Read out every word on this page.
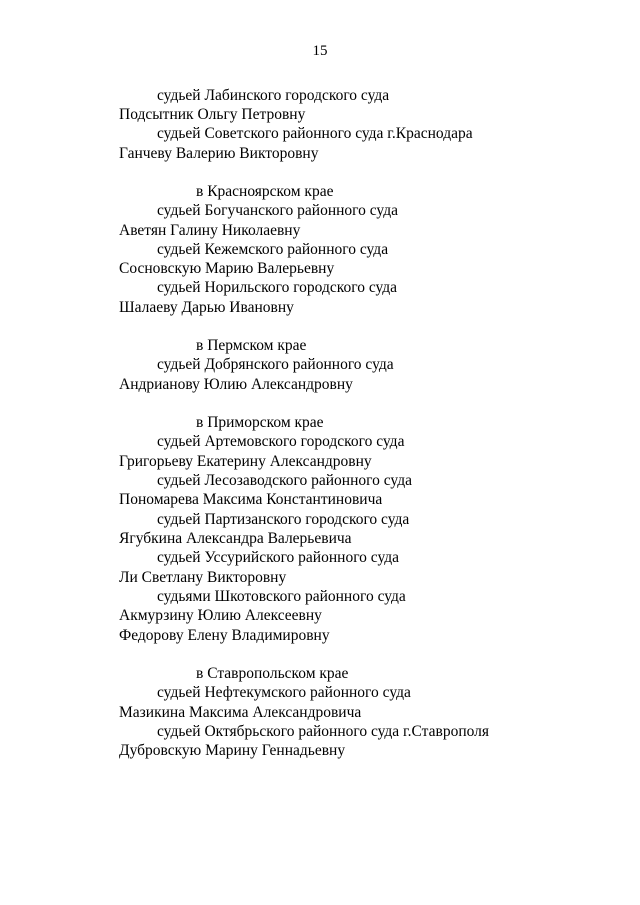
15
судьей Лабинского городского суда
Подсытник Ольгу Петровну
судьей Советского районного суда г.Краснодара
Ганчеву Валерию Викторовну
в Красноярском крае
судьей Богучанского районного суда
Аветян Галину Николаевну
судьей Кежемского районного суда
Сосновскую Марию Валерьевну
судьей Норильского городского суда
Шалаеву Дарью Ивановну
в Пермском крае
судьей Добрянского районного суда
Андрианову Юлию Александровну
в Приморском крае
судьей Артемовского городского суда
Григорьеву Екатерину Александровну
судьей Лесозаводского районного суда
Пономарева Максима Константиновича
судьей Партизанского городского суда
Ягубкина Александра Валерьевича
судьей Уссурийского районного суда
Ли Светлану Викторовну
судьями Шкотовского районного суда
Акмурзину Юлию Алексеевну
Федорову Елену Владимировну
в Ставропольском крае
судьей Нефтекумского районного суда
Мазикина Максима Александровича
судьей Октябрьского районного суда г.Ставрополя
Дубровскую Марину Геннадьевну
